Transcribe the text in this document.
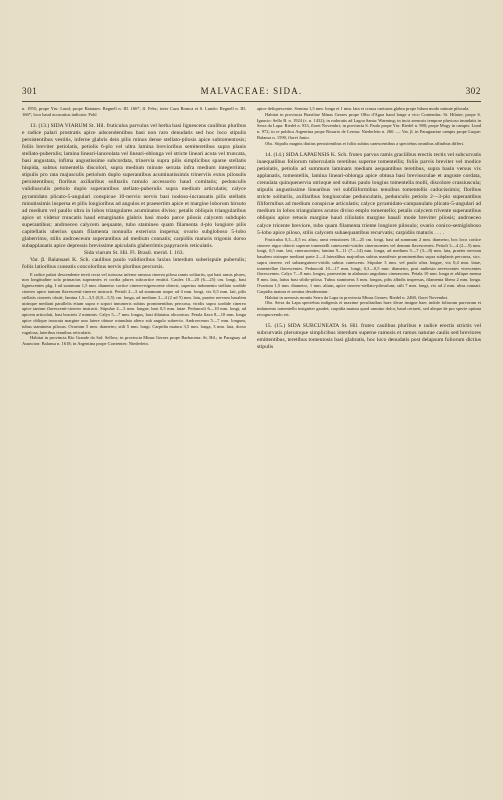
301	MALVACEAE: SIDA.	302

n. 1955; prope Ytu: Lund; prope Batataes: Regnell n. III. 166*, fl. Febr.; inter Caza Branca et S. Lundo: Regnell n. III. 166*; loco haud accuratius indicato: Pohl

13. (13.) SIDA VIARUM St. Hil. fruticulus parvulus vel herba basi lignescens caulibus pluribus e radice palari prostratis apice adscendentibus basi non raro denudatis sed hoc loco stipulis persistentibus vestitis, inferne glabris dein pilis minus dense stellato-pilosis apice subtomentosis; foliis breviter petiolatis, petiolis 6-plo vel ultra lamina brevioribus semiteretibus supra planis stellato-puberulis; lamina lineari-lanceolata vel lineari-oblonga vel stricte lineari acuta vel truncata, basi angustata, infima angustissime subcordata, trinervia supra pilis simplicibus sparse stellatis hispida, subtus tomentella discolori, supra medium minute serrata infra medium integerrima; stipulis pro rata majusculis petiolum duplo superantibus acuminatissimis trinerviis extus pilosulis persistentibus; floribus axillaribus solitariis ramulo accessorio haud comitatis; pedunculis validiusculis petiolo duplo superantibus stellato-puberulis supra medium articulatis; calyce pyramidato plicato-5-angulari conspicue 10-nervio nervis basi nodoso-incrassatis pilis stellatis minutissimis inspersa et pilis longioribus ad angulos et praesertim apice et margine loborum hirsuto ad medium vel paullo ultra in lobos triangulares acuminatos diviso; petalis obliquis triangularibus apice ut videtur truncatis haud emarginatis glabris basi modo parce pilosis calycem subduplo superantibus; androeceo calycem aequante, tubo stamineo quam filamenta 4-plo longiore pilis capitellatis uberius quam filamenta nonnulla exteriora inspersa; ovario subgloboso 5-lobo glaberrimo, stilis androeceum superantibus ad medium connatis; carpidiis maturis trigonis dorso subapplanatis apice depressis brevissime apiculatis glaberrimis papyraceis reticulatis.

Sida viarum St. Hil. Fl. Brasil. merid. I. 163.

Var. β. Balansaei K. Sch. caulibus paulo validioribus laxius interdum suberispule puberulis; foliis latioribus cuneatis concoloribus nervis pluribus percursis.

E radice palari descendente tereti recta vel tortuosa inferne ramosa cinerea pilosa ramis solitariis, qui basi ramis plures, non longitudine sola primacius superantes et cordia plures subcortice emittit. Caules 10—20 (6—25) cm. longi, basi lignescentes pkg. I ad summum 1,5 mm. diametro cortice cinereo-nigrescente obtecti, superius indumento stellato sordide cinereo apice tantum flavescenti-cinereo instructi. Petioli 2—3 ad summum usque ad 4 mm. longi, vix 0,5 mm. lati, pilis stellatis cinereis obsiti; lamina 1,5—3,5 (0,8—5,5) cm. longa, ad medium 3—4 (2 ad 5) mm. lata, praeter nervum basalem utrinque mediani parallelis etiam supra e sopori innumeris subtus prominentibus percursa, viridis supra sordide cinereo apice tantum flavescenti-cinereo instructi. Stipulae 2—3 mm. longae, basi 0,5 mm. latae. Pedunculi 6—10 mm. longi, ad apicem articulati, basi bracteis 2 minimis. Calyx 5—7 mm. longus, basi dilatatus obconicus. Petala flava 8—10 mm. longa apice oblique truncata margine uno latere obtuse rotundata altero sub angulo subrecto. Androeceum 5—7 mm. longum, tubus stamineus pilosus. Ovarium 5 mm. diametro; stili 5 mm. longi. Carpidia matura 3,5 mm. longa, 3 mm. lata, dorso rugulosa, lateribus tenuibus reticulatis.

Habitat in provincia Rio Grande do Sul: Sellow; in provincia Minas Geraes prope Barbacena: St. Hil.; in Paraguay ad Asuncion: Balansa n. 1618; in Argentina prope Corrientes: Niederlein.

apice deliquescente. Semina 1,5 mm. longa et 1 mm. lata et crassa caetusea glabra prope hilum modo minute pilosula.

Habitat in provincia Brasiliae Minas Geraes prope Olho d'Agua haud longe a vico Contendas: St. Hilaire; prope S. Ignacio: Sello B. n. 1924 (c. n. 1432); in rudoratis ad Lagoa Santa: Warming; in incis arenosis tempore pluvioso inundatis in Serra da Lapa: Riedel n. 933, floret Novembri; in provincia S. Paulo prope Ytu: Riedel n. 980; prope Mogy in campis: Lund n. 972; in re publica Argentina prope Rosario de Lerma: Niederlein n. 260. — Var. β. in Paraguariae campis prope Luque: Balansa n. 1590, floret Junio.

Obs. Stipulis magnis diutius persistentibus et foliis subtus canescentibus a speciebus omnibus affinibus differt.

14. (14.) SIDA LAPAENSIS K. Sch. frutex parvus ramis gracilibus erectis rectis vel subcurvatis inaequalibus foliorum tuberculatis teretibus superne tomentellis; foliis parvis breviter vel modice petiolatis, petiolis ad summum laminam mediam aequantibus teretibus, supra basin versus vix applanatis, tomentellis, lamina lineari-oblonga apice obtusa basi breviusculae et anguste cordata, crenulata quinquenervia utrinque sed subtus paulo longius tomentella molli, discolore crassiuscula; stipulis angustissime linearibus vel subfiliformibus tenuibus tomentellis caducissimis; floribus stricte solitariis, axillaribus longiusculae pedunculatis, pedunculis petiolo 2—3-plo superantibus filiformibus ad medium conspicue articulatis; calyce pyramidato-campanulato plicato-5-angulari ad medium in lobos triangulares acutos diviso emplo tomentello; petalis calycem trivente superantibus obliquis apice retusis margine haud ciliolatis margine basali mode breviter pilosis; androeceo calyce tricente breviore, tubo quam filamenta triente longiore pilosulo; ovario conico-semigloboso 5-lobo apice piloso, stilis calycem subaequantibus recurvatis; carpidiis maturis . . . .

Fruticulus 0,3—0,5 m. altus; rami vetustiores 10—25 cm. longi, basi ad summum 2 mm. diametro, hoc loco cortice cinereo nigro obtecti superne tomentelli canescenti-virides cinerascentes vel demum flavescentes. Petioli 3—4 (2—5) mm. longi, 0,5 mm. lati, cinerascentes; lamina 9—11 (7—14) mm. longa, ad medium 5—7 (3—8) mm. lata, praeter nervum basalem utrinque mediani parte 2—4 lateralibus majoribus subtus manifeste prominentibus supra subplanis percursa, sicc. supra cinereo vel subsanguineo-viridis subtus canescens. Stipulae 3 mm. vel paulo ultra longae, vix 0,4 mm. latae, tomentellae flavescentes. Pedunculi 10—17 mm. longi, 0,3—0,5 mm. diametro, post anthesin aevescentes virescentes flavescentes. Calyx 7—8 mm. longus, praesertim in alabastro angulatus cinerascens. Petala 10 mm. longa et oblique mensa 8 mm. lata, latius basi sibilo-pilosa. Tubus stamineus 3 mm. longus, pilis albidis inspersus, filamenta libera 2 mm. longa. Ovarium 1,5 mm. diametro, 1 mm. altum, apice cinereo-stellato-pilosulum; stili 7 mm. longi, vix ad 2 mm. ultra connati. Carpidia matura et semina desiderantur.

Habitat in arenosis montis Serra da Lapa in provincia Minas Geraes: Riedel n. 2468, floret Novembri.

Obs. Serra da Lapa speciebus indigenis et maxime peculiaribus haec divae insigne haec indole foliorum parvorum et indumento tomentello insigniter gaudet; carpidia matura quod omnino dolor, haud certaeti, sed aleque de pro specie optima recognovendo est.

15. (15.) SIDA SUBCUNEATA St. Hil. frutex caulibus pluribus e radice erectis strictis vel subcurvatis plerumque simplicibus interdum superne ramosis et ramos naturae caulis sed breviores emittentibus, teretibus tomentosis basi glabratis, hoc loco denudatis post delapsum foliorum dictius stipulis
